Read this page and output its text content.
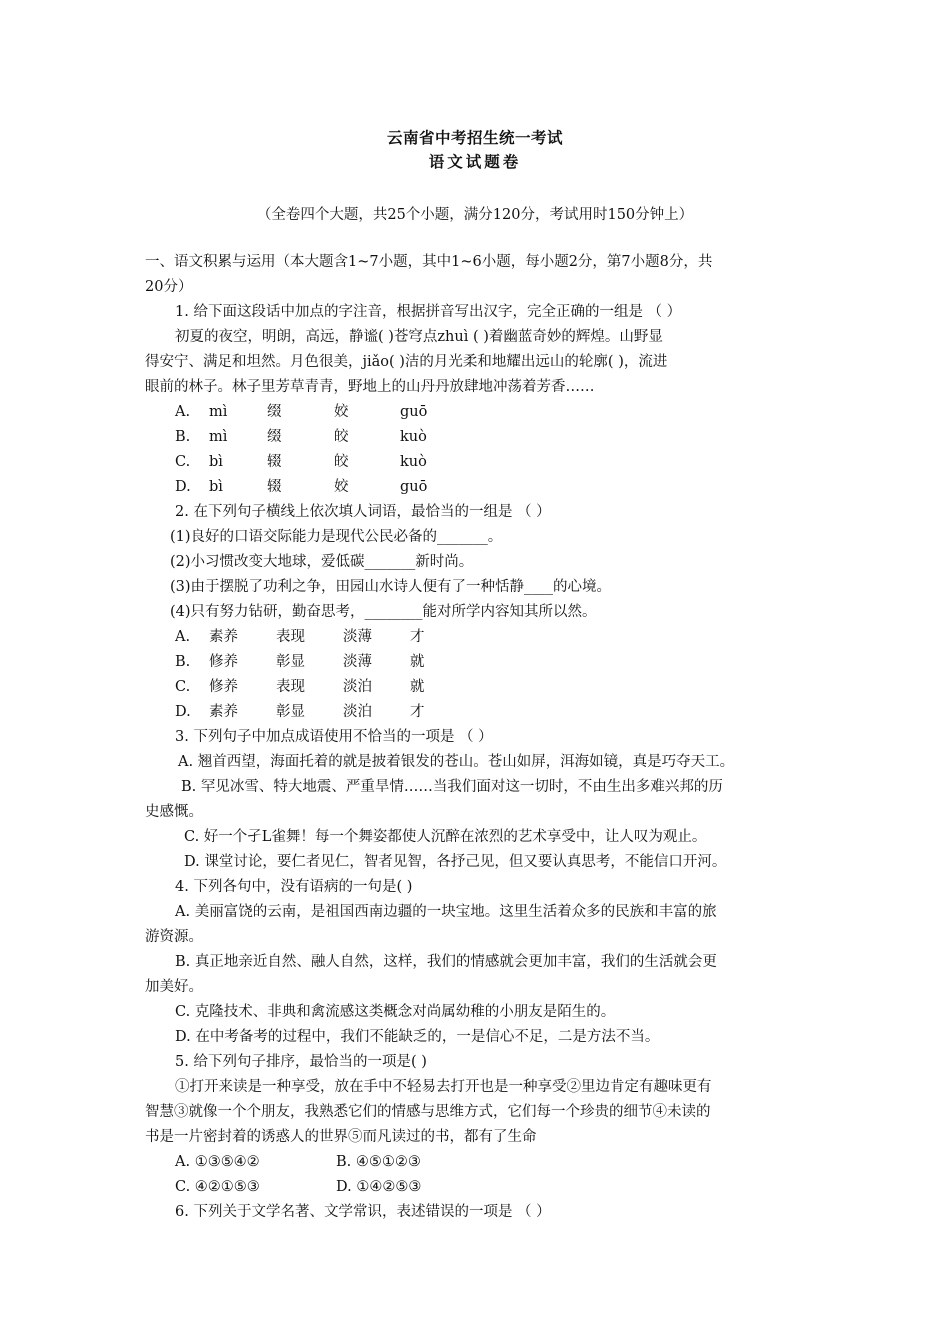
云南省中考招生统一考试
语文试题卷
（全卷四个大题，共25个小题，满分120分，考试用时150分钟上）

一、语文积累与运用（本大题含1~7小题，其中1~6小题，每小题2分，第7小题8分，共

20分）

1. 给下面这段话中加点的字注音，根据拼音写出汉字，完全正确的一组是 （ ）

初夏的夜空，明朗，高远，静谧( )苍穹点zhuì ( )着幽蓝奇妙的辉煌。山野显

得安宁、满足和坦然。月色很美，jiǎo( )洁的月光柔和地耀出远山的轮廓( )，流进

眼前的林子。林子里芳草青青，野地上的山丹丹放肆地冲荡着芳香……

A.	mì	缀	姣	guō
B.	mì	缀	皎	kuò
C.	bì	辍	皎	kuò
D.	bì	辍	姣	guō

2. 在下列句子横线上依次填人词语，最恰当的一组是 （ ）

(1)良好的口语交际能力是现代公民必备的_______。

(2)小习惯改变大地球，爱低碳_______新时尚。

(3)由于摆脱了功利之争，田园山水诗人便有了一种恬静____的心境。

(4)只有努力钻研，勤奋思考，________能对所学内容知其所以然。

A.	素养	表现	淡薄	才
B.	修养	彰显	淡薄	就
C.	修养	表现	淡泊	就
D.	素养	彰显	淡泊	才

3. 下列句子中加点成语使用不恰当的一项是 （ ）

A. 翘首西望，海面托着的就是披着银发的苍山。苍山如屏，洱海如镜，真是巧夺天工。

B. 罕见冰雪、特大地震、严重旱情……当我们面对这一切时，不由生出多难兴邦的历

史感慨。

C. 好一个孑L雀舞！每一个舞姿都使人沉醉在浓烈的艺术享受中，让人叹为观止。

D. 课堂讨论，要仁者见仁，智者见智，各抒己见，但又要认真思考，不能信口开河。

4. 下列各句中，没有语病的一句是( )

A. 美丽富饶的云南，是祖国西南边疆的一块宝地。这里生活着众多的民族和丰富的旅

游资源。

B. 真正地亲近自然、融人自然，这样，我们的情感就会更加丰富，我们的生活就会更

加美好。

C. 克隆技术、非典和禽流感这类概念对尚属幼稚的小朋友是陌生的。

D. 在中考备考的过程中，我们不能缺乏的，一是信心不足，二是方法不当。

5. 给下列句子排序，最恰当的一项是( )

①打开来读是一种享受，放在手中不轻易去打开也是一种享受②里边肯定有趣味更有

智慧③就像一个个朋友，我熟悉它们的情感与思维方式，它们每一个珍贵的细节④未读的

书是一片密封着的诱惑人的世界⑤而凡读过的书，都有了生命

A. ①③⑤④②	B. ④⑤①②③
C. ④②①⑤③	D. ①④②⑤③

6. 下列关于文学名著、文学常识，表述错误的一项是 （ ）
